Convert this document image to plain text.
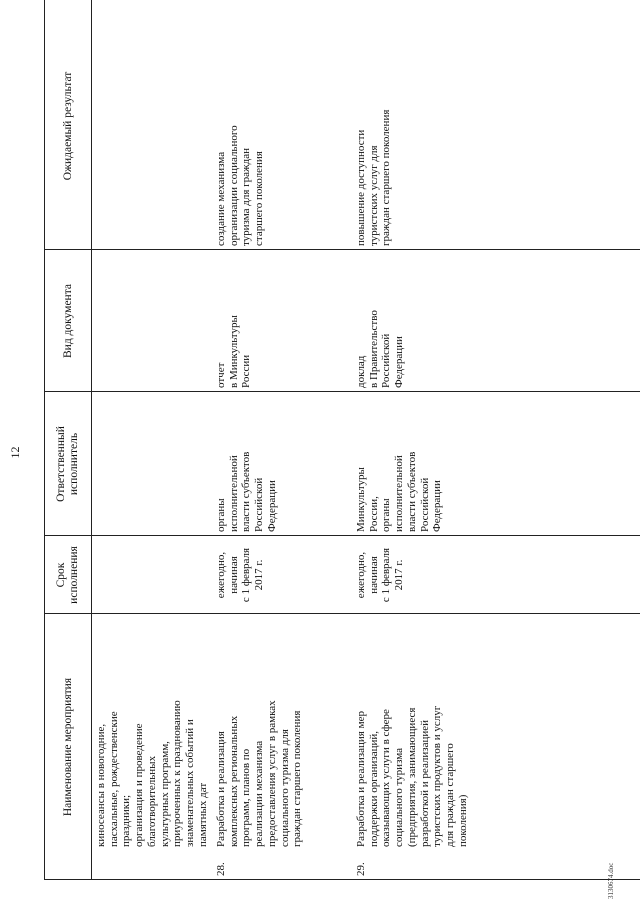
12
Наименование мероприятия
Срок
исполнения
Ответственный
исполнитель
Вид документа
Ожидаемый результат
киносеансы в новогодние,
пасхальные, рождественские
праздники;
организация и проведение
благотворительных
культурных программ,
приуроченных к празднованию
знаменательных событий и
памятных дат
28.
Разработка и реализация
комплексных региональных
программ, планов по
реализации механизма
предоставления услуг в рамках
социального туризма для
граждан старшего поколения
ежегодно,
начиная
с 1 февраля
2017 г.
органы
исполнительной
власти субъектов
Российской
Федерации
отчет
в Минкультуры
России
создание механизма
организации социального
туризма для граждан
старшего поколения
29.
Разработка и реализация мер
поддержки организаций,
оказывающих услуги в сфере
социального туризма
(предприятия, занимающиеся
разработкой и реализацией
туристских продуктов и услуг
для граждан старшего
поколения)
ежегодно,
начиная
с 1 февраля
2017 г.
Минкультуры
России,
органы
исполнительной
власти субъектов
Российской
Федерации
доклад
в Правительство
Российской
Федерации
повышение доступности
туристских услуг для
граждан старшего поколения
3130674.doc
